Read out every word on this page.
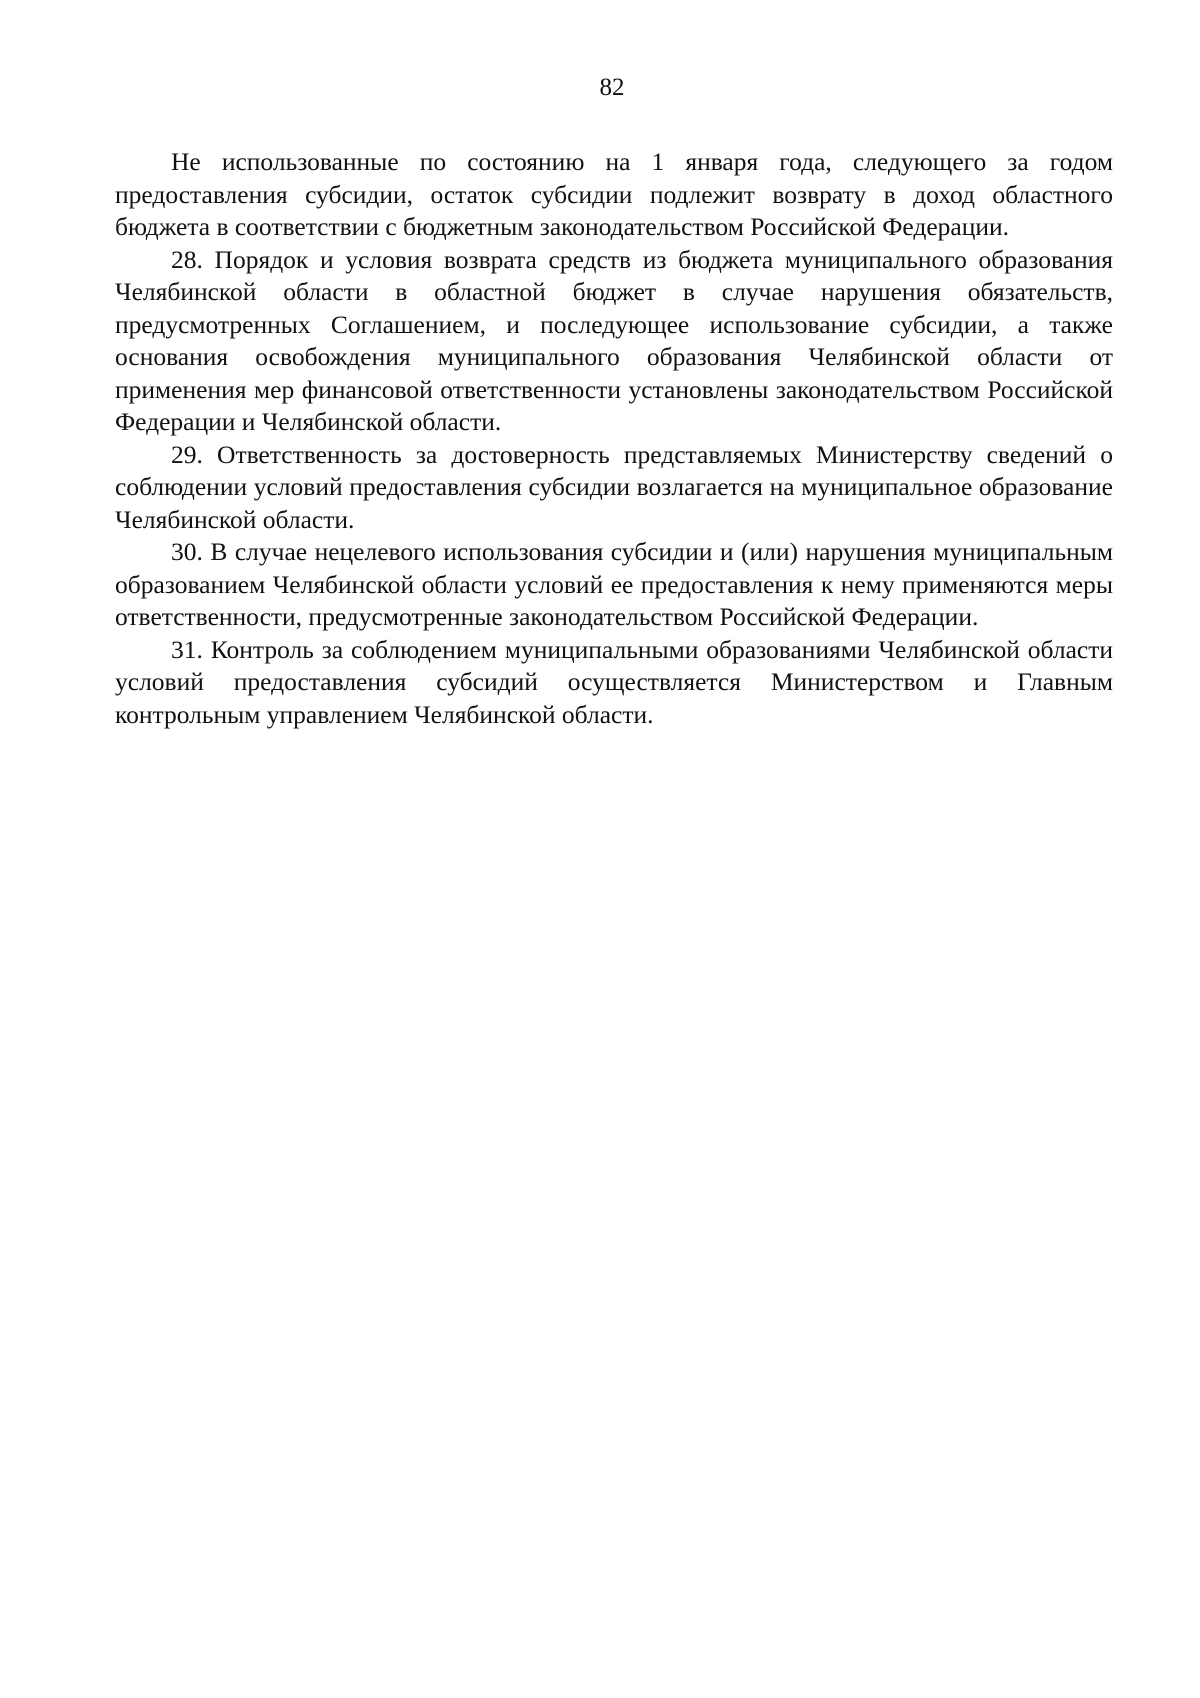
82

Не использованные по состоянию на 1 января года, следующего за годом предоставления субсидии, остаток субсидии подлежит возврату в доход областного бюджета в соответствии с бюджетным законодательством Российской Федерации.

28. Порядок и условия возврата средств из бюджета муниципального образования Челябинской области в областной бюджет в случае нарушения обязательств, предусмотренных Соглашением, и последующее использование субсидии, а также основания освобождения муниципального образования Челябинской области от применения мер финансовой ответственности установлены законодательством Российской Федерации и Челябинской области.

29. Ответственность за достоверность представляемых Министерству сведений о соблюдении условий предоставления субсидии возлагается на муниципальное образование Челябинской области.

30. В случае нецелевого использования субсидии и (или) нарушения муниципальным образованием Челябинской области условий ее предоставления к нему применяются меры ответственности, предусмотренные законодательством Российской Федерации.

31. Контроль за соблюдением муниципальными образованиями Челябинской области условий предоставления субсидий осуществляется Министерством и Главным контрольным управлением Челябинской области.
